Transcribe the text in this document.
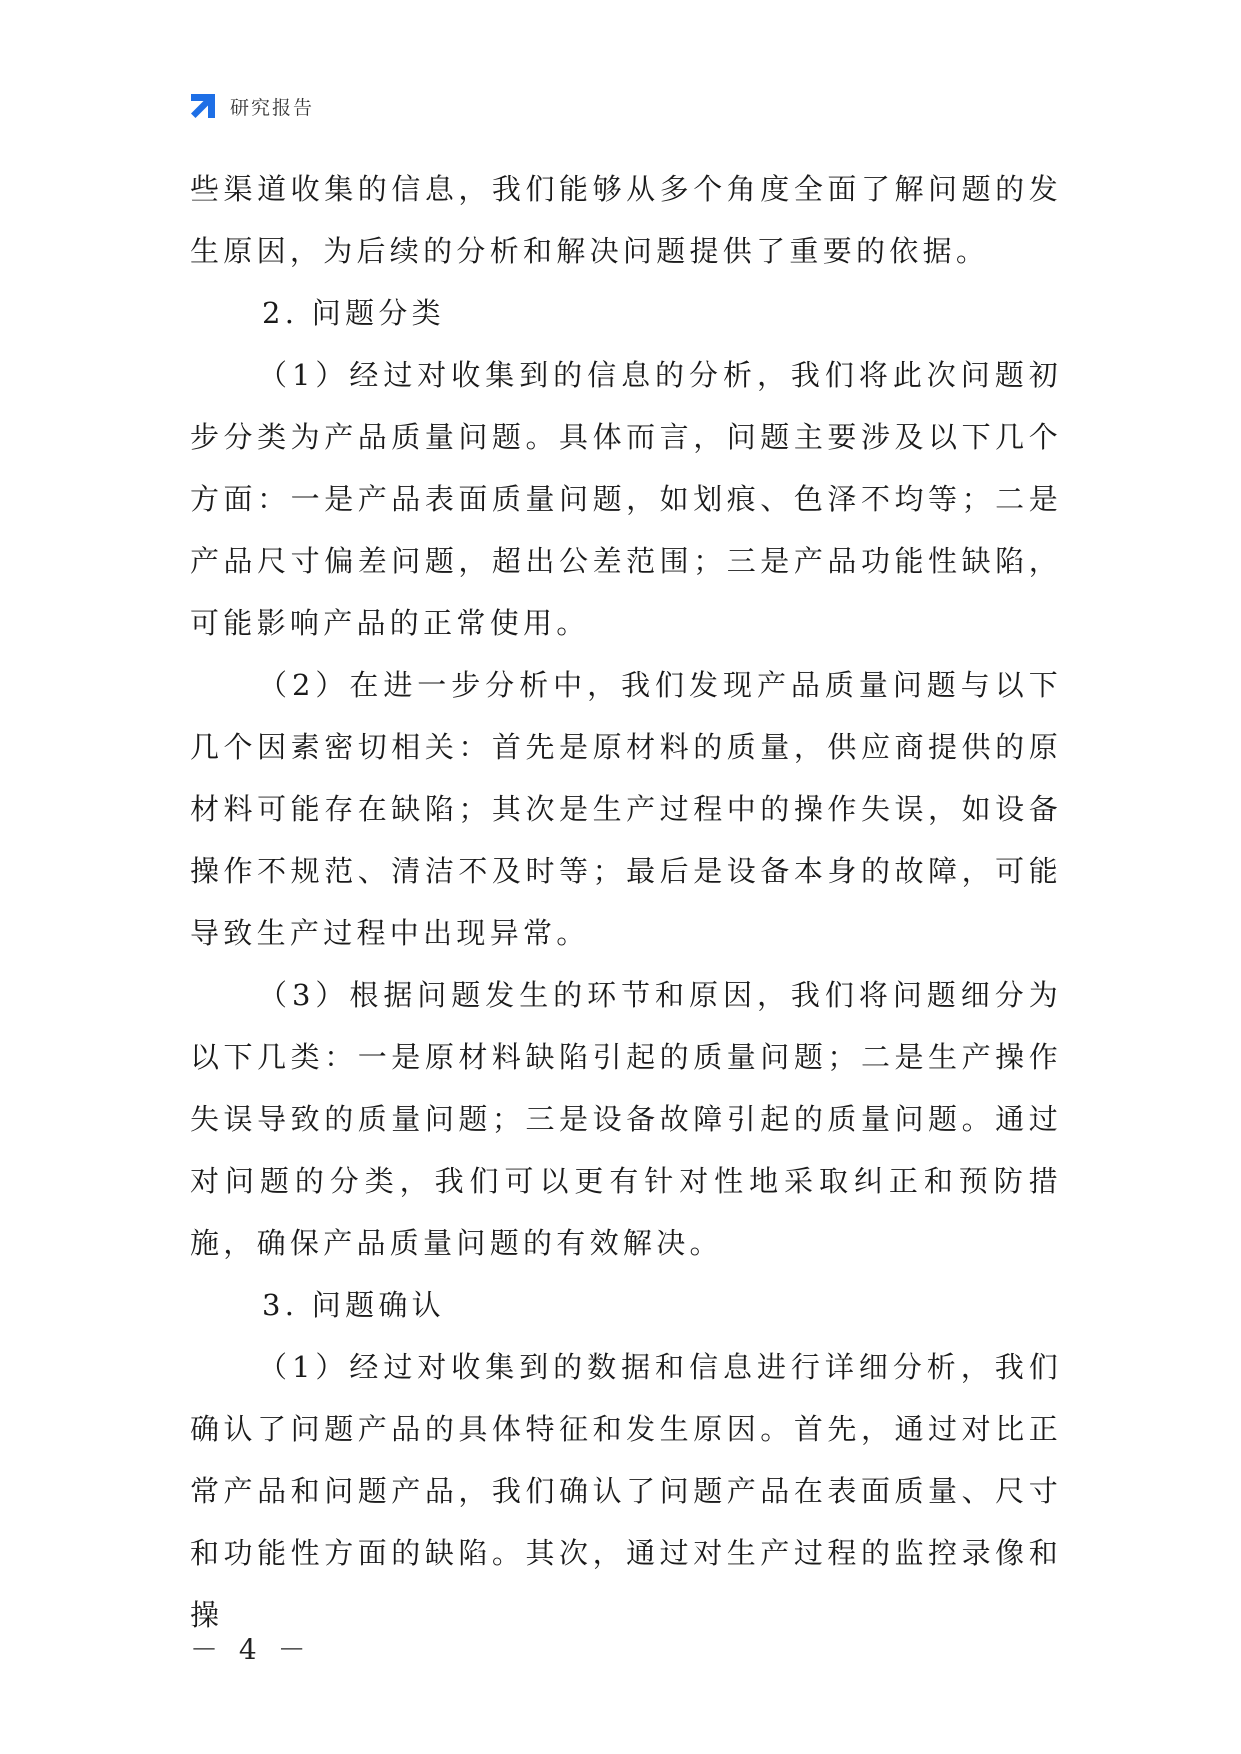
研究报告

些渠道收集的信息，我们能够从多个角度全面了解问题的发生原因，为后续的分析和解决问题提供了重要的依据。

2. 问题分类

（1）经过对收集到的信息的分析，我们将此次问题初步分类为产品质量问题。具体而言，问题主要涉及以下几个方面：一是产品表面质量问题，如划痕、色泽不均等；二是产品尺寸偏差问题，超出公差范围；三是产品功能性缺陷，可能影响产品的正常使用。

（2）在进一步分析中，我们发现产品质量问题与以下几个因素密切相关：首先是原材料的质量，供应商提供的原材料可能存在缺陷；其次是生产过程中的操作失误，如设备操作不规范、清洁不及时等；最后是设备本身的故障，可能导致生产过程中出现异常。

（3）根据问题发生的环节和原因，我们将问题细分为以下几类：一是原材料缺陷引起的质量问题；二是生产操作失误导致的质量问题；三是设备故障引起的质量问题。通过对问题的分类，我们可以更有针对性地采取纠正和预防措施，确保产品质量问题的有效解决。

3. 问题确认

（1）经过对收集到的数据和信息进行详细分析，我们确认了问题产品的具体特征和发生原因。首先，通过对比正常产品和问题产品，我们确认了问题产品在表面质量、尺寸和功能性方面的缺陷。其次，通过对生产过程的监控录像和操

－ 4 －
